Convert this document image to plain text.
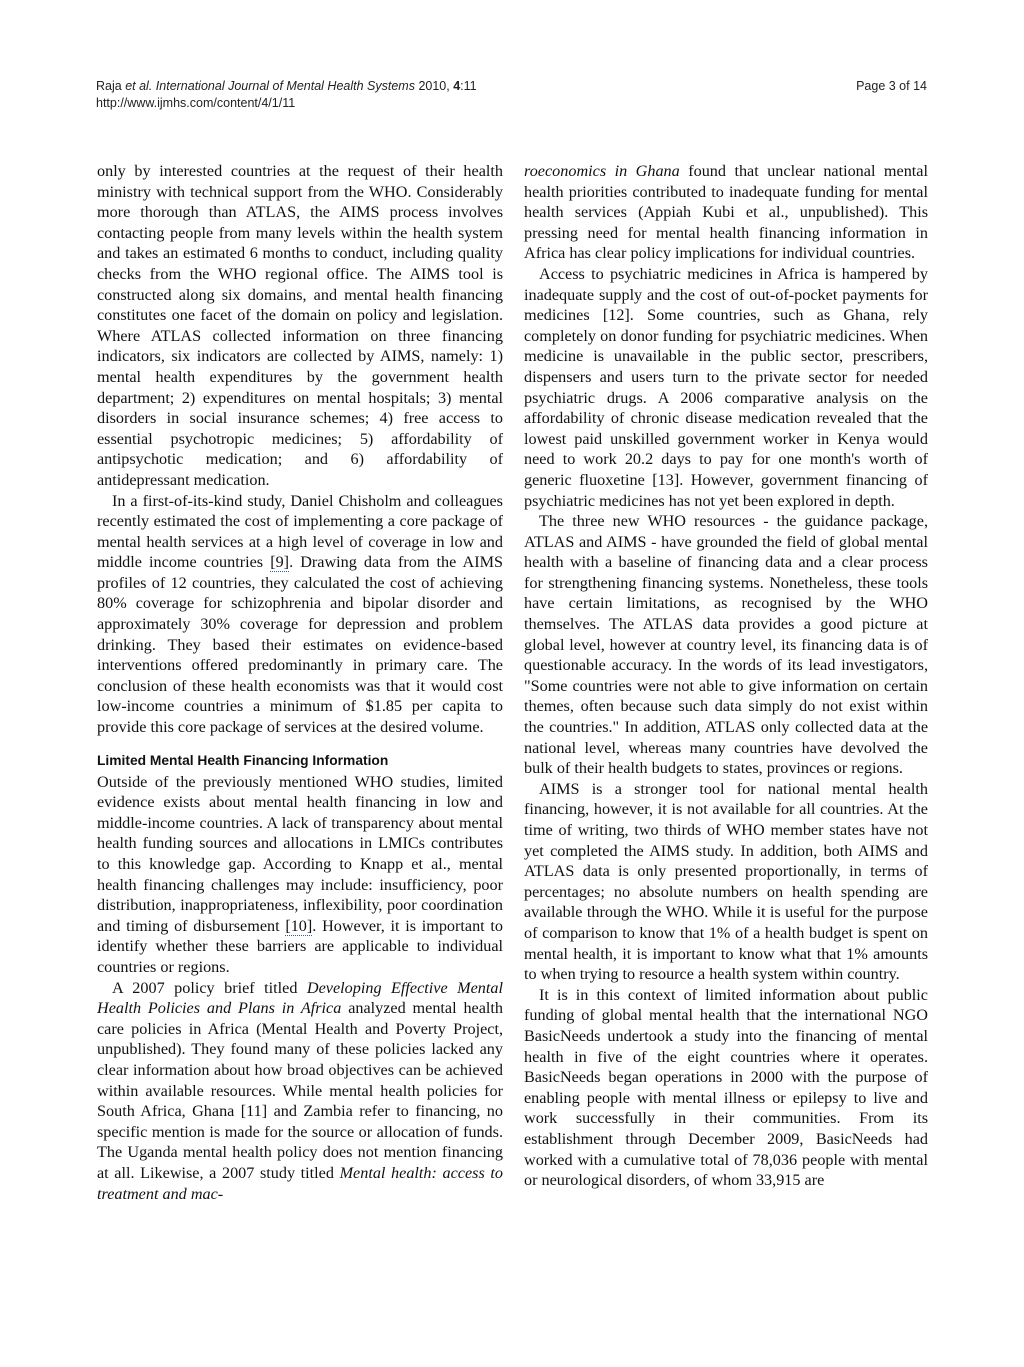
Raja et al. International Journal of Mental Health Systems 2010, 4:11
http://www.ijmhs.com/content/4/1/11
Page 3 of 14

only by interested countries at the request of their health ministry with technical support from the WHO. Considerably more thorough than ATLAS, the AIMS process involves contacting people from many levels within the health system and takes an estimated 6 months to conduct, including quality checks from the WHO regional office. The AIMS tool is constructed along six domains, and mental health financing constitutes one facet of the domain on policy and legislation. Where ATLAS collected information on three financing indicators, six indicators are collected by AIMS, namely: 1) mental health expenditures by the government health department; 2) expenditures on mental hospitals; 3) mental disorders in social insurance schemes; 4) free access to essential psychotropic medicines; 5) affordability of antipsychotic medication; and 6) affordability of antidepressant medication.

In a first-of-its-kind study, Daniel Chisholm and colleagues recently estimated the cost of implementing a core package of mental health services at a high level of coverage in low and middle income countries [9]. Drawing data from the AIMS profiles of 12 countries, they calculated the cost of achieving 80% coverage for schizophrenia and bipolar disorder and approximately 30% coverage for depression and problem drinking. They based their estimates on evidence-based interventions offered predominantly in primary care. The conclusion of these health economists was that it would cost low-income countries a minimum of $1.85 per capita to provide this core package of services at the desired volume.

Limited Mental Health Financing Information

Outside of the previously mentioned WHO studies, limited evidence exists about mental health financing in low and middle-income countries. A lack of transparency about mental health funding sources and allocations in LMICs contributes to this knowledge gap. According to Knapp et al., mental health financing challenges may include: insufficiency, poor distribution, inappropriateness, inflexibility, poor coordination and timing of disbursement [10]. However, it is important to identify whether these barriers are applicable to individual countries or regions.

A 2007 policy brief titled Developing Effective Mental Health Policies and Plans in Africa analyzed mental health care policies in Africa (Mental Health and Poverty Project, unpublished). They found many of these policies lacked any clear information about how broad objectives can be achieved within available resources. While mental health policies for South Africa, Ghana [11] and Zambia refer to financing, no specific mention is made for the source or allocation of funds. The Uganda mental health policy does not mention financing at all. Likewise, a 2007 study titled Mental health: access to treatment and mac-

roeconomics in Ghana found that unclear national mental health priorities contributed to inadequate funding for mental health services (Appiah Kubi et al., unpublished). This pressing need for mental health financing information in Africa has clear policy implications for individual countries.

Access to psychiatric medicines in Africa is hampered by inadequate supply and the cost of out-of-pocket payments for medicines [12]. Some countries, such as Ghana, rely completely on donor funding for psychiatric medicines. When medicine is unavailable in the public sector, prescribers, dispensers and users turn to the private sector for needed psychiatric drugs. A 2006 comparative analysis on the affordability of chronic disease medication revealed that the lowest paid unskilled government worker in Kenya would need to work 20.2 days to pay for one month's worth of generic fluoxetine [13]. However, government financing of psychiatric medicines has not yet been explored in depth.

The three new WHO resources - the guidance package, ATLAS and AIMS - have grounded the field of global mental health with a baseline of financing data and a clear process for strengthening financing systems. Nonetheless, these tools have certain limitations, as recognised by the WHO themselves. The ATLAS data provides a good picture at global level, however at country level, its financing data is of questionable accuracy. In the words of its lead investigators, "Some countries were not able to give information on certain themes, often because such data simply do not exist within the countries." In addition, ATLAS only collected data at the national level, whereas many countries have devolved the bulk of their health budgets to states, provinces or regions.

AIMS is a stronger tool for national mental health financing, however, it is not available for all countries. At the time of writing, two thirds of WHO member states have not yet completed the AIMS study. In addition, both AIMS and ATLAS data is only presented proportionally, in terms of percentages; no absolute numbers on health spending are available through the WHO. While it is useful for the purpose of comparison to know that 1% of a health budget is spent on mental health, it is important to know what that 1% amounts to when trying to resource a health system within country.

It is in this context of limited information about public funding of global mental health that the international NGO BasicNeeds undertook a study into the financing of mental health in five of the eight countries where it operates. BasicNeeds began operations in 2000 with the purpose of enabling people with mental illness or epilepsy to live and work successfully in their communities. From its establishment through December 2009, BasicNeeds had worked with a cumulative total of 78,036 people with mental or neurological disorders, of whom 33,915 are
